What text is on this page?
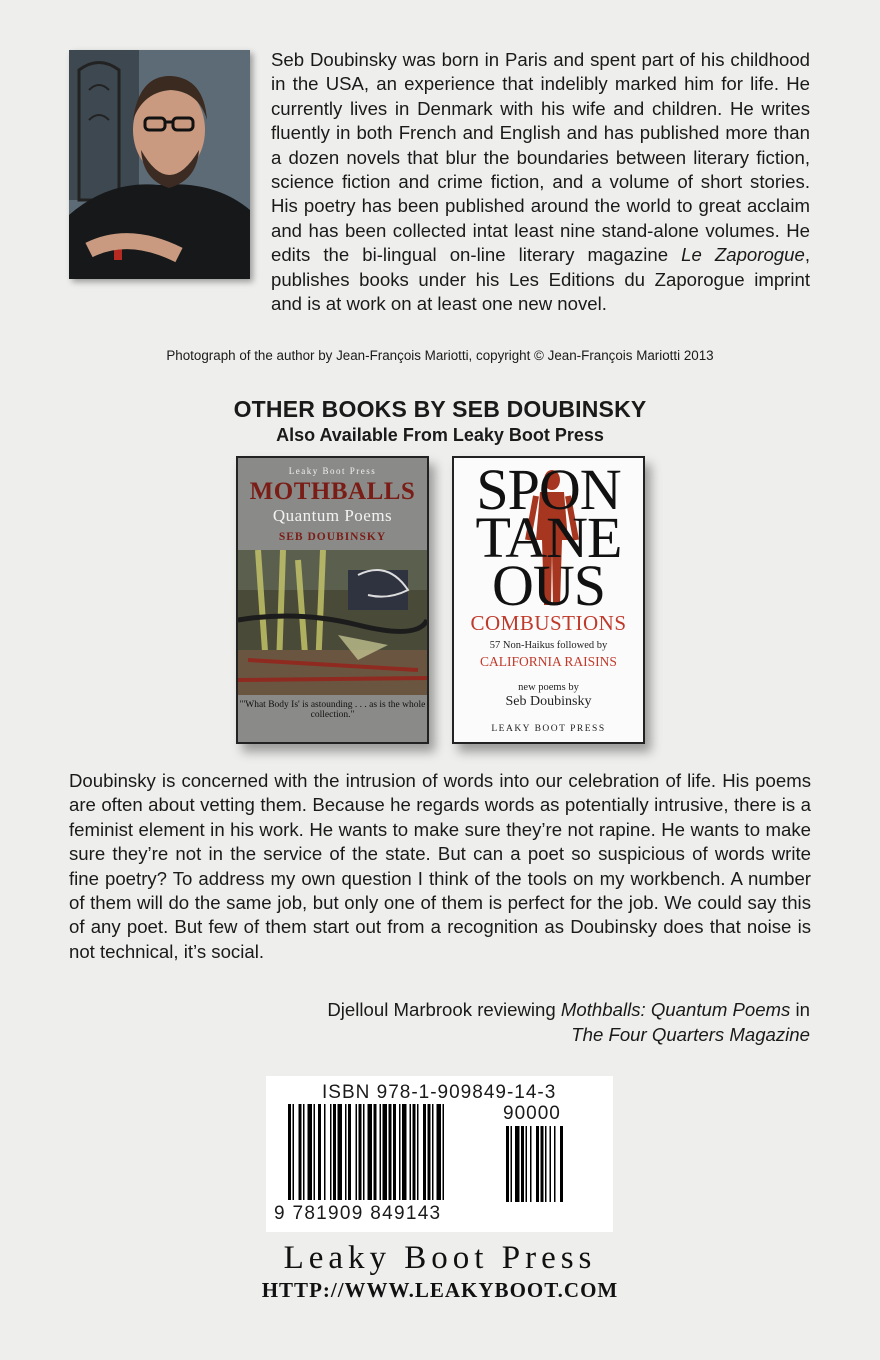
Seb Doubinsky was born in Paris and spent part of his childhood in the USA, an experience that indelibly marked him for life. He currently lives in Denmark with his wife and children. He writes fluently in both French and English and has published more than a dozen novels that blur the boundaries between literary fiction, science fiction and crime fiction, and a volume of short stories. His poetry has been published around the world to great acclaim and has been collected intat least nine stand-alone volumes. He edits the bi-lingual on-line literary magazine Le Zaporogue, publishes books under his Les Editions du Zaporogue imprint and is at work on at least one new novel.
Photograph of the author by Jean-François Mariotti, copyright © Jean-François Mariotti 2013
OTHER BOOKS BY SEB DOUBINSKY
Also Available From Leaky Boot Press
Leaky Boot Press
MOTHBALLS
Quantum Poems
SEB DOUBINSKY
"'What Body Is' is astounding . . . as is the whole collection."
SPON
TANE
OUS
COMBUSTIONS
57 Non-Haikus followed by
CALIFORNIA RAISINS
new poems by
Seb Doubinsky
LEAKY BOOT PRESS
Doubinsky is concerned with the intrusion of words into our celebration of life. His poems are often about vetting them. Because he regards words as potentially intrusive, there is a feminist element in his work. He wants to make sure they’re not rapine. He wants to make sure they’re not in the service of the state. But can a poet so suspicious of words write fine poetry? To address my own question I think of the tools on my workbench. A number of them will do the same job, but only one of them is perfect for the job. We could say this of any poet. But few of them start out from a recognition as Doubinsky does that noise is not technical, it’s social.
Djelloul Marbrook reviewing Mothballs: Quantum Poems in
The Four Quarters Magazine
ISBN 978-1-909849-14-3
90000
9 781909 849143
Leaky Boot Press
HTTP://WWW.LEAKYBOOT.COM
